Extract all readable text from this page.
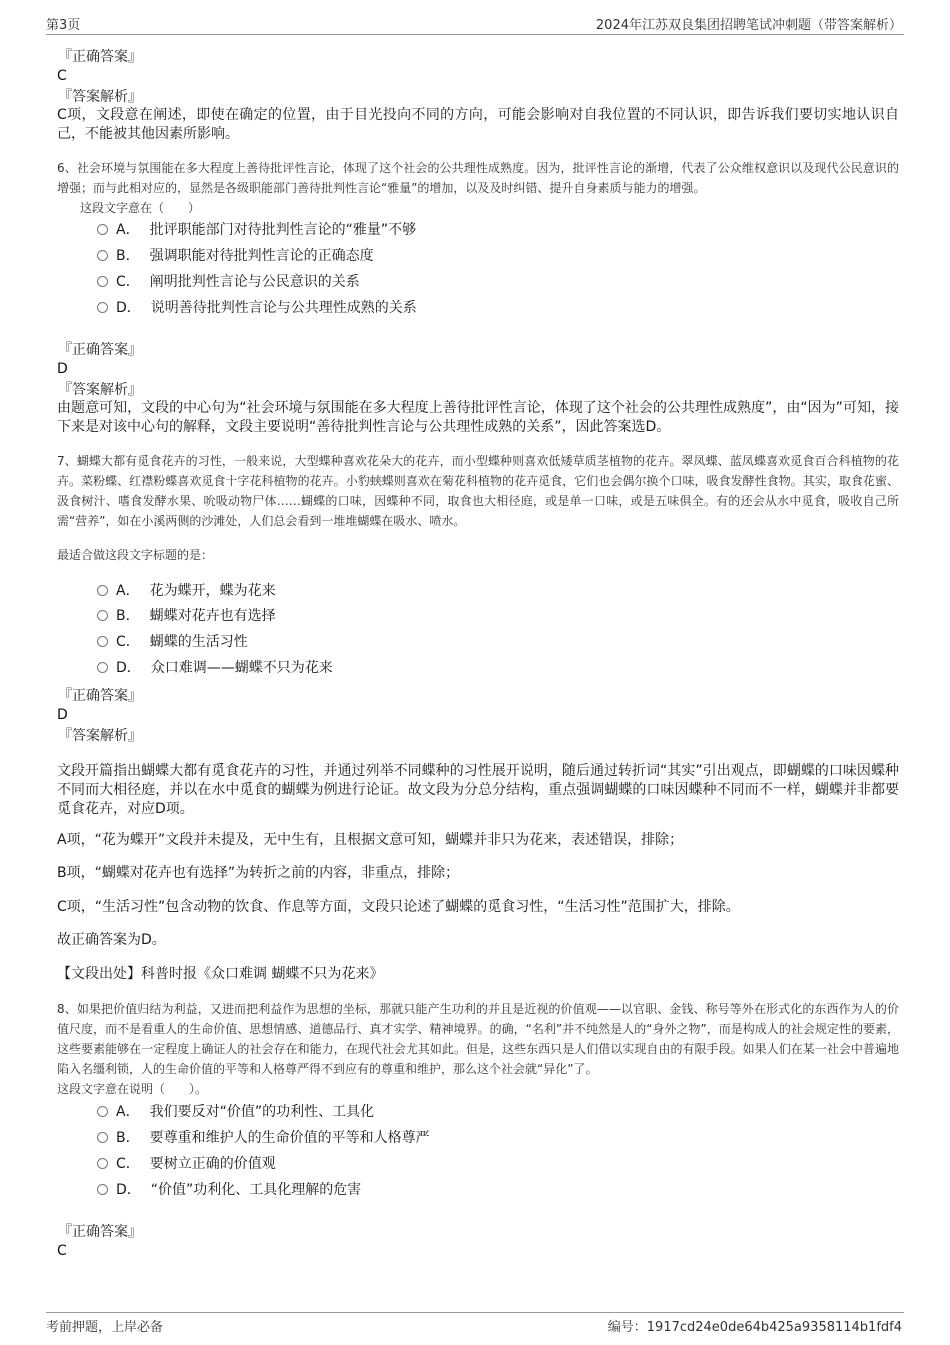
第3页	2024年江苏双良集团招聘笔试冲刺题（带答案解析）
『正确答案』
C
『答案解析』
C项，文段意在阐述，即使在确定的位置，由于目光投向不同的方向，可能会影响对自我位置的不同认识，即告诉我们要切实地认识自己，不能被其他因素所影响。
6、社会环境与氛围能在多大程度上善待批评性言论，体现了这个社会的公共理性成熟度。因为，批评性言论的渐增，代表了公众维权意识以及现代公民意识的增强；而与此相对应的，显然是各级职能部门善待批判性言论“雅量”的增加，以及及时纠错、提升自身素质与能力的增强。
这段文字意在（　　）
A． 批评职能部门对待批判性言论的“雅量”不够
B． 强调职能对待批判性言论的正确态度
C． 阐明批判性言论与公民意识的关系
D． 说明善待批判性言论与公共理性成熟的关系
『正确答案』
D
『答案解析』
由题意可知，文段的中心句为“社会环境与氛围能在多大程度上善待批评性言论，体现了这个社会的公共理性成熟度”，由“因为”可知，接下来是对该中心句的解释，文段主要说明“善待批判性言论与公共理性成熟的关系”，因此答案选D。
7、蝴蝶大都有觅食花卉的习性，一般来说，大型蝶种喜欢花朵大的花卉，而小型蝶种则喜欢低矮草质茎植物的花卉。翠凤蝶、蓝凤蝶喜欢觅食百合科植物的花卉。菜粉蝶、红襟粉蝶喜欢觅食十字花科植物的花卉。小豹蛱蝶则喜欢在菊花科植物的花卉觅食，它们也会偶尔换个口味，吸食发酵性食物。其实，取食花蜜、汲食树汁、嗜食发酵水果、吮吸动物尸体……蝴蝶的口味，因蝶种不同，取食也大相径庭，或是单一口味，或是五味俱全。有的还会从水中觅食，吸收自己所需“营养”，如在小溪两侧的沙滩处，人们总会看到一堆堆蝴蝶在吸水、喷水。
最适合做这段文字标题的是：
A． 花为蝶开，蝶为花来
B． 蝴蝶对花卉也有选择
C． 蝴蝶的生活习性
D． 众口难调——蝴蝶不只为花来
『正确答案』
D
『答案解析』
文段开篇指出蝴蝶大都有觅食花卉的习性，并通过列举不同蝶种的习性展开说明，随后通过转折词“其实”引出观点，即蝴蝶的口味因蝶种不同而大相径庭，并以在水中觅食的蝴蝶为例进行论证。故文段为分总分结构，重点强调蝴蝶的口味因蝶种不同而不一样，蝴蝶并非都要觅食花卉，对应D项。
A项，“花为蝶开”文段并未提及，无中生有，且根据文意可知，蝴蝶并非只为花来，表述错误，排除；
B项，“蝴蝶对花卉也有选择”为转折之前的内容，非重点，排除；
C项，“生活习性”包含动物的饮食、作息等方面，文段只论述了蝴蝶的觅食习性，“生活习性”范围扩大，排除。
故正确答案为D。
【文段出处】科普时报《众口难调 蝴蝶不只为花来》
8、如果把价值归结为利益，又进而把利益作为思想的坐标，那就只能产生功利的并且是近视的价值观——以官职、金钱、称号等外在形式化的东西作为人的价值尺度，而不是看重人的生命价值、思想情感、道德品行、真才实学、精神境界。的确，“名利”并不纯然是人的“身外之物”，而是构成人的社会规定性的要素，这些要素能够在一定程度上确证人的社会存在和能力，在现代社会尤其如此。但是，这些东西只是人们借以实现自由的有限手段。如果人们在某一社会中普遍地陷入名缰利锁，人的生命价值的平等和人格尊严得不到应有的尊重和维护，那么这个社会就“异化”了。
这段文字意在说明（　　）。
A． 我们要反对“价值”的功利性、工具化
B． 要尊重和维护人的生命价值的平等和人格尊严
C． 要树立正确的价值观
D． “价值”功利化、工具化理解的危害
『正确答案』
C
考前押题，上岸必备	编号：1917cd24e0de64b425a9358114b1fdf4
